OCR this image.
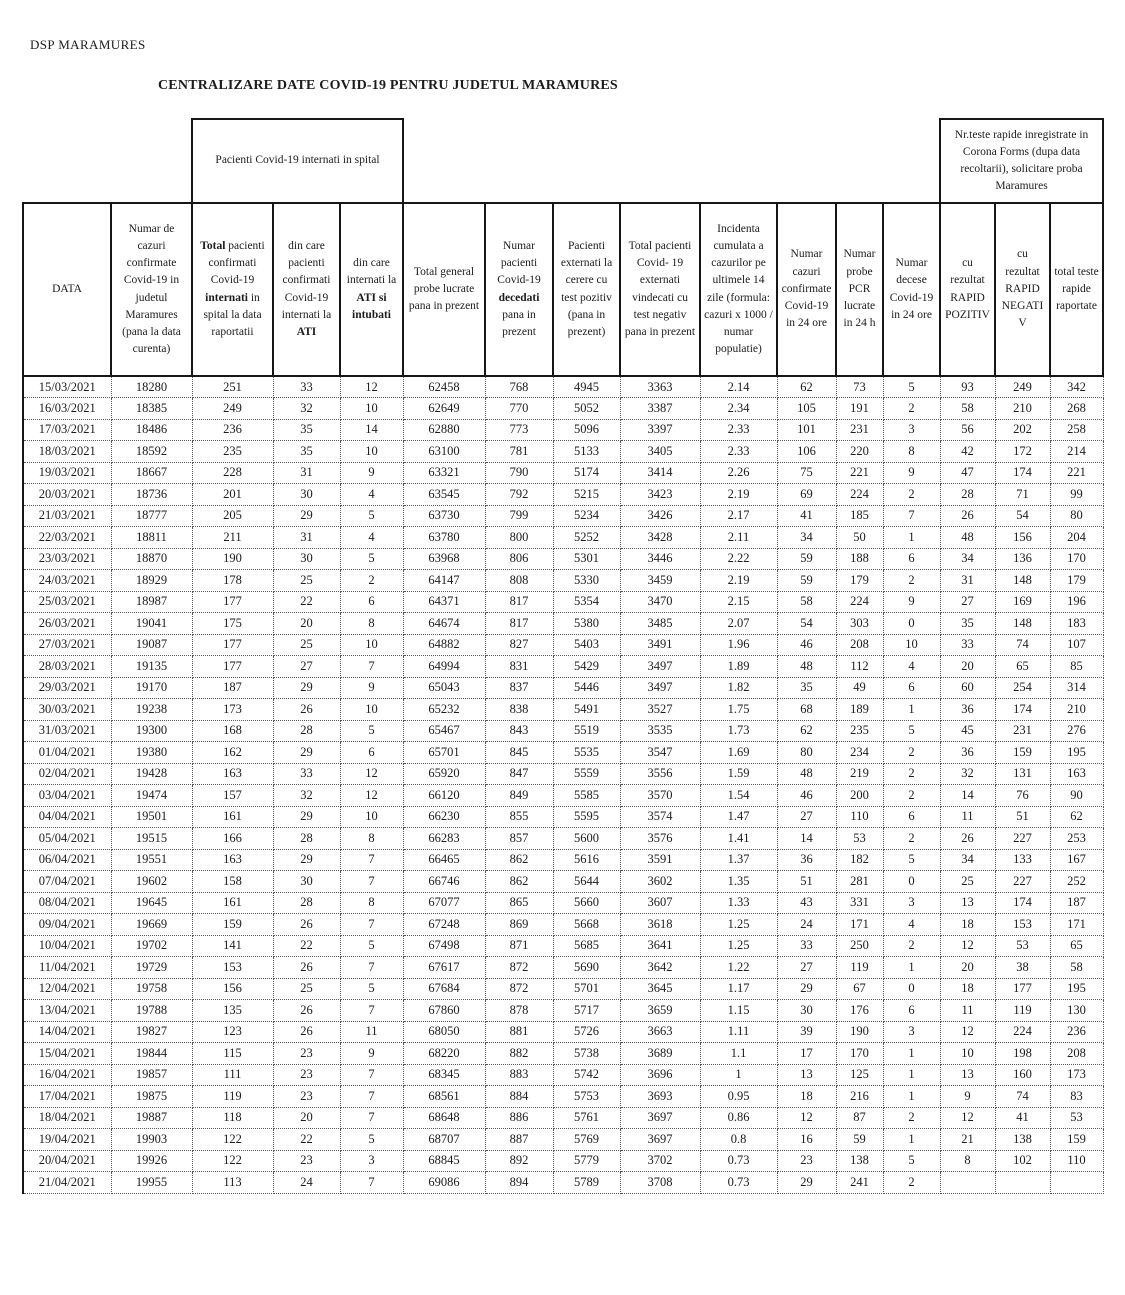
DSP MARAMURES
CENTRALIZARE DATE COVID-19 PENTRU JUDETUL MARAMURES
		Pacienti Covid-19 internati in spital											Nr.teste rapide inregistrate in Corona Forms (dupa data recoltarii), solicitare proba Maramures		
DATA	Numar de cazuri confirmate Covid-19 in judetul Maramures (pana la data curenta)	Total pacienti confirmati Covid-19 internati in spital la data raportatii	din care pacienti confirmati Covid-19 internati la ATI	din care internati la ATI si intubati	Total general probe lucrate pana in prezent	Numar pacienti Covid-19 decedati pana in prezent	Pacienti externati la cerere cu test pozitiv (pana in prezent)	Total pacienti Covid- 19 externati vindecati cu test negativ pana in prezent	Incidenta cumulata a cazurilor pe ultimele 14 zile (formula: cazuri x 1000 / numar populatie)	Numar cazuri confirmate Covid-19 in 24 ore	Numar probe PCR lucrate in 24 h	Numar decese Covid-19 in 24 ore	cu rezultat RAPID POZITIV	cu rezultat RAPID NEGATIV	total teste rapide raportate
15/03/2021	18280	251	33	12	62458	768	4945	3363	2.14	62	73	5	93	249	342
16/03/2021	18385	249	32	10	62649	770	5052	3387	2.34	105	191	2	58	210	268
17/03/2021	18486	236	35	14	62880	773	5096	3397	2.33	101	231	3	56	202	258
18/03/2021	18592	235	35	10	63100	781	5133	3405	2.33	106	220	8	42	172	214
19/03/2021	18667	228	31	9	63321	790	5174	3414	2.26	75	221	9	47	174	221
20/03/2021	18736	201	30	4	63545	792	5215	3423	2.19	69	224	2	28	71	99
21/03/2021	18777	205	29	5	63730	799	5234	3426	2.17	41	185	7	26	54	80
22/03/2021	18811	211	31	4	63780	800	5252	3428	2.11	34	50	1	48	156	204
23/03/2021	18870	190	30	5	63968	806	5301	3446	2.22	59	188	6	34	136	170
24/03/2021	18929	178	25	2	64147	808	5330	3459	2.19	59	179	2	31	148	179
25/03/2021	18987	177	22	6	64371	817	5354	3470	2.15	58	224	9	27	169	196
26/03/2021	19041	175	20	8	64674	817	5380	3485	2.07	54	303	0	35	148	183
27/03/2021	19087	177	25	10	64882	827	5403	3491	1.96	46	208	10	33	74	107
28/03/2021	19135	177	27	7	64994	831	5429	3497	1.89	48	112	4	20	65	85
29/03/2021	19170	187	29	9	65043	837	5446	3497	1.82	35	49	6	60	254	314
30/03/2021	19238	173	26	10	65232	838	5491	3527	1.75	68	189	1	36	174	210
31/03/2021	19300	168	28	5	65467	843	5519	3535	1.73	62	235	5	45	231	276
01/04/2021	19380	162	29	6	65701	845	5535	3547	1.69	80	234	2	36	159	195
02/04/2021	19428	163	33	12	65920	847	5559	3556	1.59	48	219	2	32	131	163
03/04/2021	19474	157	32	12	66120	849	5585	3570	1.54	46	200	2	14	76	90
04/04/2021	19501	161	29	10	66230	855	5595	3574	1.47	27	110	6	11	51	62
05/04/2021	19515	166	28	8	66283	857	5600	3576	1.41	14	53	2	26	227	253
06/04/2021	19551	163	29	7	66465	862	5616	3591	1.37	36	182	5	34	133	167
07/04/2021	19602	158	30	7	66746	862	5644	3602	1.35	51	281	0	25	227	252
08/04/2021	19645	161	28	8	67077	865	5660	3607	1.33	43	331	3	13	174	187
09/04/2021	19669	159	26	7	67248	869	5668	3618	1.25	24	171	4	18	153	171
10/04/2021	19702	141	22	5	67498	871	5685	3641	1.25	33	250	2	12	53	65
11/04/2021	19729	153	26	7	67617	872	5690	3642	1.22	27	119	1	20	38	58
12/04/2021	19758	156	25	5	67684	872	5701	3645	1.17	29	67	0	18	177	195
13/04/2021	19788	135	26	7	67860	878	5717	3659	1.15	30	176	6	11	119	130
14/04/2021	19827	123	26	11	68050	881	5726	3663	1.11	39	190	3	12	224	236
15/04/2021	19844	115	23	9	68220	882	5738	3689	1.1	17	170	1	10	198	208
16/04/2021	19857	111	23	7	68345	883	5742	3696	1	13	125	1	13	160	173
17/04/2021	19875	119	23	7	68561	884	5753	3693	0.95	18	216	1	9	74	83
18/04/2021	19887	118	20	7	68648	886	5761	3697	0.86	12	87	2	12	41	53
19/04/2021	19903	122	22	5	68707	887	5769	3697	0.8	16	59	1	21	138	159
20/04/2021	19926	122	23	3	68845	892	5779	3702	0.73	23	138	5	8	102	110
21/04/2021	19955	113	24	7	69086	894	5789	3708	0.73	29	241	2			
